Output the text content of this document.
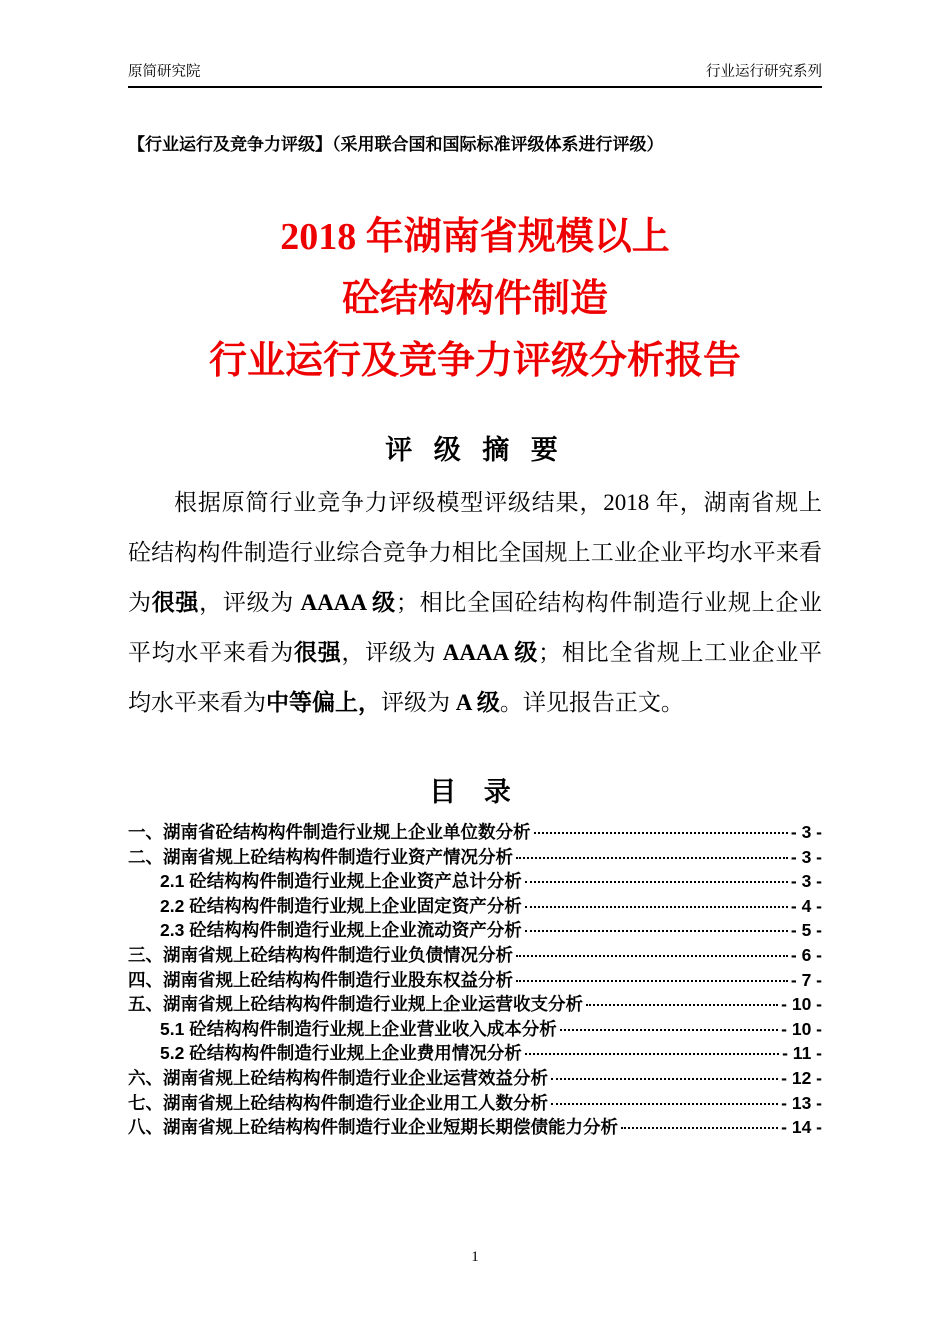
原简研究院	行业运行研究系列
【行业运行及竞争力评级】（采用联合国和国际标准评级体系进行评级）
2018 年湖南省规模以上
砼结构构件制造
行业运行及竞争力评级分析报告
评 级 摘 要

根据原简行业竞争力评级模型评级结果，2018 年，湖南省规上砼结构构件制造行业综合竞争力相比全国规上工业企业平均水平来看为很强，评级为 AAAA 级；相比全国砼结构构件制造行业规上企业平均水平来看为很强，评级为 AAAA 级；相比全省规上工业企业平均水平来看为中等偏上，评级为 A 级。详见报告正文。

目 录
一、湖南省砼结构构件制造行业规上企业单位数分析	- 3 -
二、湖南省规上砼结构构件制造行业资产情况分析	- 3 -
2.1 砼结构构件制造行业规上企业资产总计分析	- 3 -
2.2 砼结构构件制造行业规上企业固定资产分析	- 4 -
2.3 砼结构构件制造行业规上企业流动资产分析	- 5 -
三、湖南省规上砼结构构件制造行业负债情况分析	- 6 -
四、湖南省规上砼结构构件制造行业股东权益分析	- 7 -
五、湖南省规上砼结构构件制造行业规上企业运营收支分析	- 10 -
5.1 砼结构构件制造行业规上企业营业收入成本分析	- 10 -
5.2 砼结构构件制造行业规上企业费用情况分析	- 11 -
六、湖南省规上砼结构构件制造行业企业运营效益分析	- 12 -
七、湖南省规上砼结构构件制造行业企业用工人数分析	- 13 -
八、湖南省规上砼结构构件制造行业企业短期长期偿债能力分析	- 14 -
1
